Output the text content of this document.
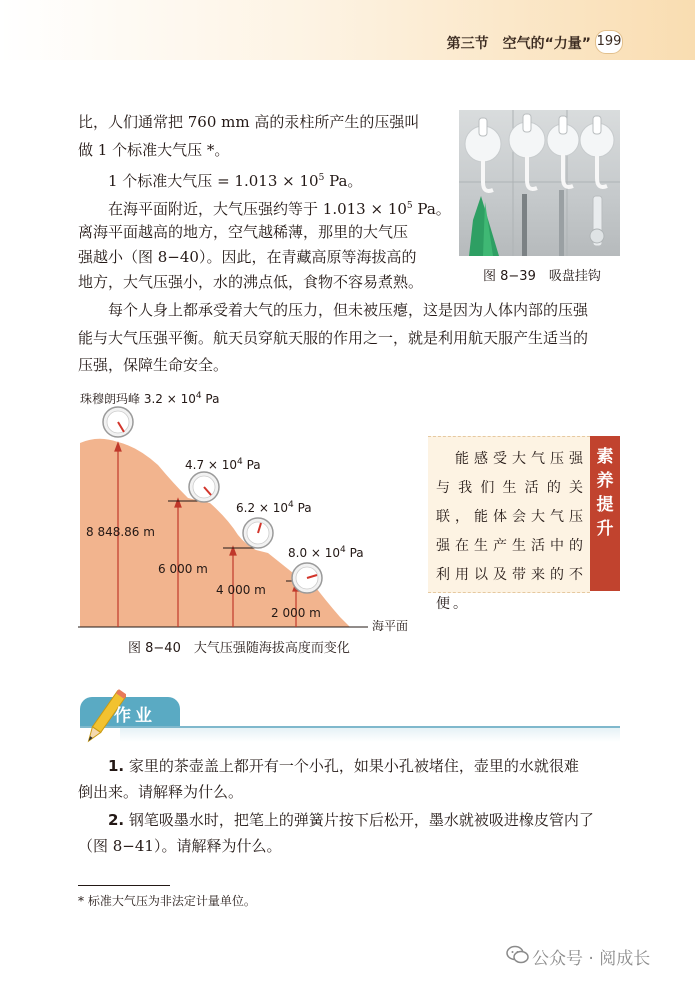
第三节　空气的“力量” 199

比，人们通常把 760 mm 高的汞柱所产生的压强叫

做 1 个标准大气压 *。

1 个标准大气压 = $1.013 \times 10^5$ Pa。

在海平面附近，大气压强约等于 $1.013 \times 10^5$ Pa。

离海平面越高的地方，空气越稀薄，那里的大气压

强越小（图 8−40）。因此，在青藏高原等海拔高的

地方，大气压强小，水的沸点低，食物不容易煮熟。

每个人身上都承受着大气的压力，但未被压瘪，这是因为人体内部的压强

能与大气压强平衡。航天员穿航天服的作用之一，就是利用航天服产生适当的

压强，保障生命安全。

图 8−39　吸盘挂钩
珠穆朗玛峰 $3.2 \times 10^4$ Pa
$4.7 \times 10^4$ Pa
$6.2 \times 10^4$ Pa
$8.0 \times 10^4$ Pa
8 848.86 m
6 000 m
4 000 m
2 000 m
海平面
图 8−40　大气压强随海拔高度而变化

　能感受大气压强与我们生活的关联，能体会大气压强在生产生活中的利用以及带来的不便。

素
养
提
升
作业

1. 家里的茶壶盖上都开有一个小孔，如果小孔被堵住，壶里的水就很难

倒出来。请解释为什么。

2. 钢笔吸墨水时，把笔上的弹簧片按下后松开，墨水就被吸进橡皮管内了

（图 8−41）。请解释为什么。

* 标准大气压为非法定计量单位。
公众号 · 阅成长
